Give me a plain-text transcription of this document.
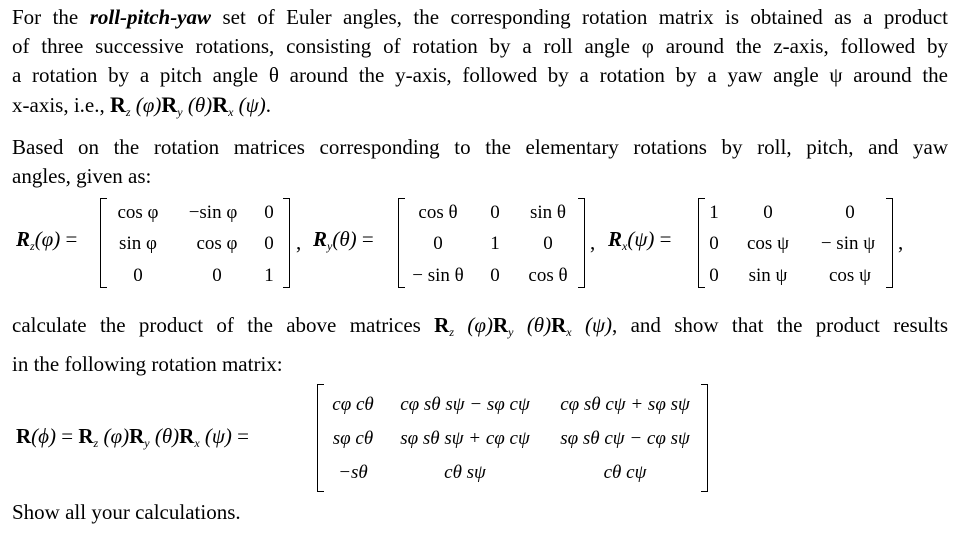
For the roll-pitch-yaw set of Euler angles, the corresponding rotation matrix is obtained as a product
of three successive rotations, consisting of rotation by a roll angle φ around the z-axis, followed by
a rotation by a pitch angle θ around the y-axis, followed by a rotation by a yaw angle ψ around the
x-axis, i.e., $R_z$ $(\varphi)R_y$ $(\theta)R_x$ (ψ).
Based on the rotation matrices corresponding to the elementary rotations by roll, pitch, and yaw
angles, given as:
$R_z(\varphi)$ =
cos φ	−sin φ	0
sin φ	cos φ	0
0	0	1
, $R_y(\theta)$ =
cos θ	0	sin θ
0	1	0
− sin θ	0	cos θ
, $R_x(\psi)$ =
1	0	0
0	cos ψ	− sin ψ
0	sin ψ	cos ψ
,
calculate the product of the above matrices $R_z$ $(\varphi)R_y$ $(\theta)R_x$ (ψ), and show that the product results
in the following rotation matrix:
$R(\phi) = R_z$ $(\varphi)R_y$ $(\theta)R_x$ (ψ) =
cφ cθ	cφ sθ sψ − sφ cψ	cφ sθ cψ + sφ sψ
sφ cθ	sφ sθ sψ + cφ cψ	sφ sθ cψ − cφ sψ
−sθ	cθ sψ	cθ cψ
Show all your calculations.
